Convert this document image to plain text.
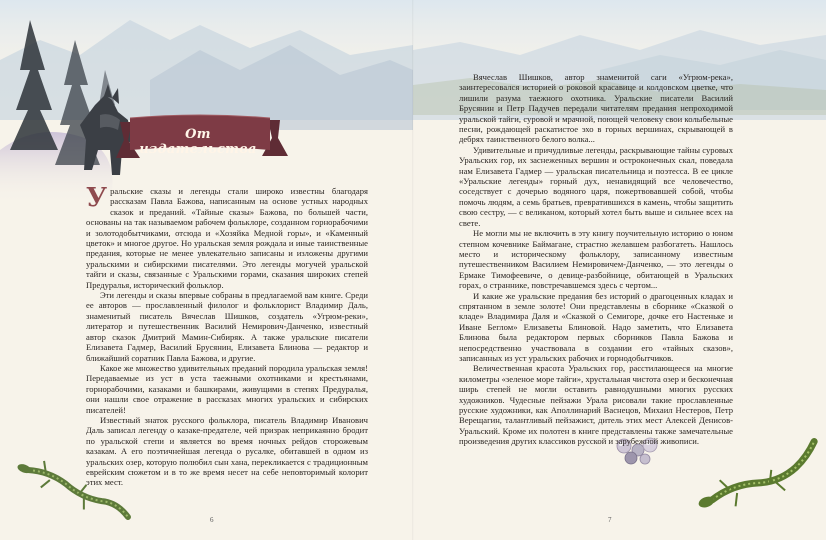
От издательства

Уральские сказы и легенды стали широко известны благодаря рассказам Павла Бажова, написанным на основе устных народных сказок и преданий. «Тайные сказы» Бажова, по большей части, основаны на так называемом рабочем фольклоре, созданном горнорабочими и золотодобытчиками, отсюда и «Хозяйка Медной горы», и «Каменный цветок» и многое другое. Но уральская земля рождала и иные таинственные предания, которые не менее увлекательно записаны и изложены другими уральскими и сибирскими писателями. Это легенды могучей уральской тайги и сказы, связанные с Уральскими горами, сказания широких степей Предуралья, исторический фольклор.

Эти легенды и сказы впервые собраны в предлагаемой вам книге. Среди ее авторов — прославленный филолог и фольклорист Владимир Даль, знаменитый писатель Вячеслав Шишков, создатель «Угрюм-реки», литератор и путешественник Василий Немирович-Данченко, известный автор сказок Дмитрий Мамин-Сибиряк. А также уральские писатели Елизавета Гадмер, Василий Брусянин, Елизавета Блинова — редактор и ближайший соратник Павла Бажова, и другие.

Какое же множество удивительных преданий породила уральская земля! Передаваемые из уст в уста таежными охотниками и крестьянами, горнорабочими, казаками и башкирами, живущими в степях Предуралья, они нашли свое отражение в рассказах многих уральских и сибирских писателей!

Известный знаток русского фольклора, писатель Владимир Иванович Даль записал легенду о казаке-предателе, чей призрак неприкаянно бродит по уральской степи и является во время ночных рейдов сторожевым казакам. А его поэтичнейшая легенда о русалке, обитавшей в одном из уральских озер, которую полюбил сын хана, перекликается с традиционным еврейским сюжетом и в то же время несет на себе неповторимый колорит этих мест.

6	7

Вячеслав Шишков, автор знаменитой саги «Угрюм-река», заинтересовался историей о роковой красавице и колдовском цветке, что лишили разума таежного охотника. Уральские писатели Василий Брусянин и Петр Падучев передали читателям предания непроходимой уральской тайги, суровой и мрачной, поющей человеку свои колыбельные песни, рождающей раскатистое эхо в горных вершинах, скрывающей в дебрях таинственного белого волка...

Удивительные и причудливые легенды, раскрывающие тайны суровых Уральских гор, их заснеженных вершин и остроконечных скал, поведала нам Елизавета Гадмер — уральская писательница и поэтесса. В ее цикле «Уральские легенды» горный дух, ненавидящий все человечество, соседствует с дочерью водяного царя, пожертвовавшей собой, чтобы помочь людям, а семь братьев, превратившихся в камень, чтобы защитить свою сестру, — с великаном, который хотел быть выше и сильнее всех на свете.

Не могли мы не включить в эту книгу поучительную историю о юном степном кочевнике Баймагане, страстно желавшем разбогатеть. Нашлось место и историческому фольклору, записанному известным путешественником Василием Немировичем-Данченко, — это легенды о Ермаке Тимофеевиче, о девице-разбойнице, обитающей в Уральских горах, о страннике, повстречавшемся здесь с чертом...

И какие же уральские предания без историй о драгоценных кладах и спрятанном в земле золоте! Они представлены в сборнике «Сказкой о кладе» Владимира Даля и «Сказкой о Семигоре, дочке его Настеньке и Иване Беглом» Елизаветы Блиновой. Надо заметить, что Елизавета Блинова была редактором первых сборников Павла Бажова и непосредственно участвовала в создании его «тайных сказов», записанных из уст уральских рабочих и горнодобытчиков.

Величественная красота Уральских гор, расстилающееся на многие километры «зеленое море тайги», хрустальная чистота озер и бесконечная ширь степей не могли оставить равнодушными многих русских художников. Чудесные пейзажи Урала рисовали такие прославленные русские художники, как Аполлинарий Васнецов, Михаил Нестеров, Петр Верещагин, талантливый пейзажист, дитель этих мест Алексей Денисов-Уральский. Кроме их полотен в книге представлены также замечательные произведения других классиков русской и зарубежной живописи.
